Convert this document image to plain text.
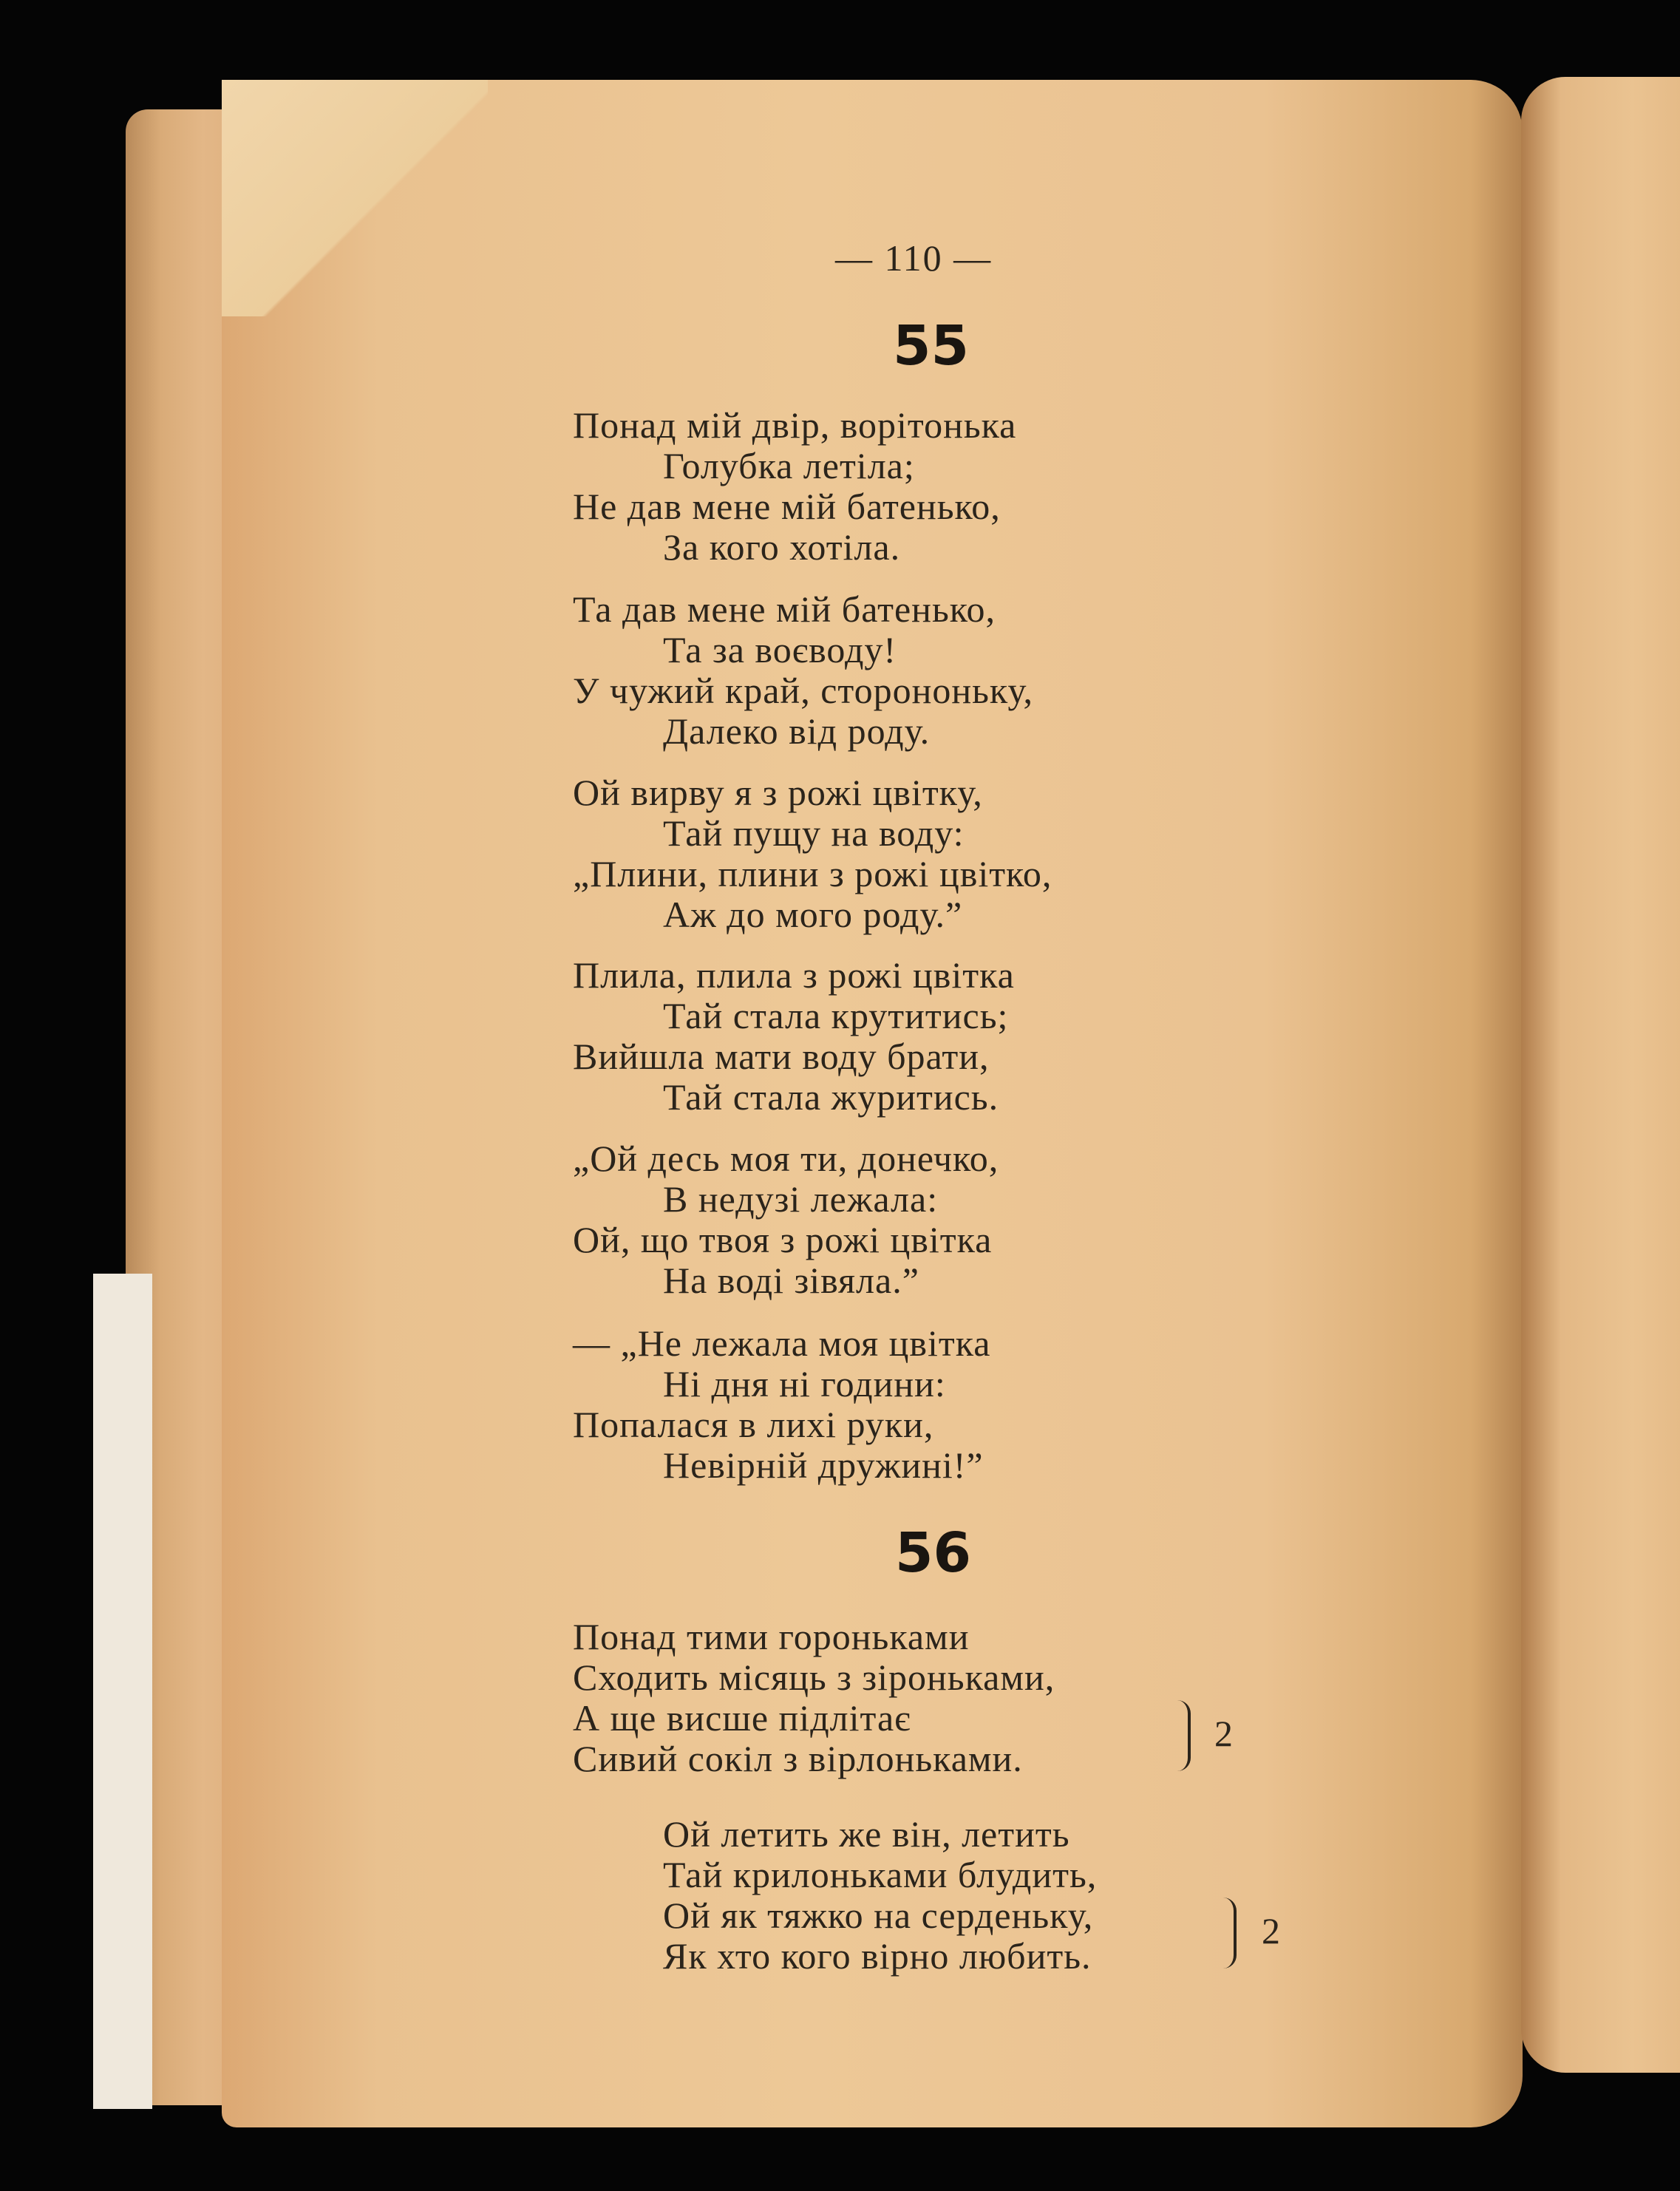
— 110 —
55
Понад мій двір, ворітонька
Голубка летіла;
Не дав мене мій батенько,
За кого хотіла.
Та дав мене мій батенько,
Та за воєводу!
У чужий край, сторононьку,
Далеко від роду.
Ой вирву я з рожі цвітку,
Тай пущу на воду:
„Плини, плини з рожі цвітко,
Аж до мого роду.”
Плила, плила з рожі цвітка
Тай стала крутитись;
Вийшла мати воду брати,
Тай стала журитись.
„Ой десь моя ти, донечко,
В недузі лежала:
Ой, що твоя з рожі цвітка
На воді зівяла.”
— „Не лежала моя цвітка
Ні дня ні години:
Попалася в лихі руки,
Невірній дружині!”
56
Понад тими гороньками
Сходить місяць з зіроньками,
А ще висше підлітає
Сивий сокіл з вірлоньками.
2
Ой летить же він, летить
Тай крилоньками блудить,
Ой як тяжко на серденьку,
Як хто кого вірно любить.
2
